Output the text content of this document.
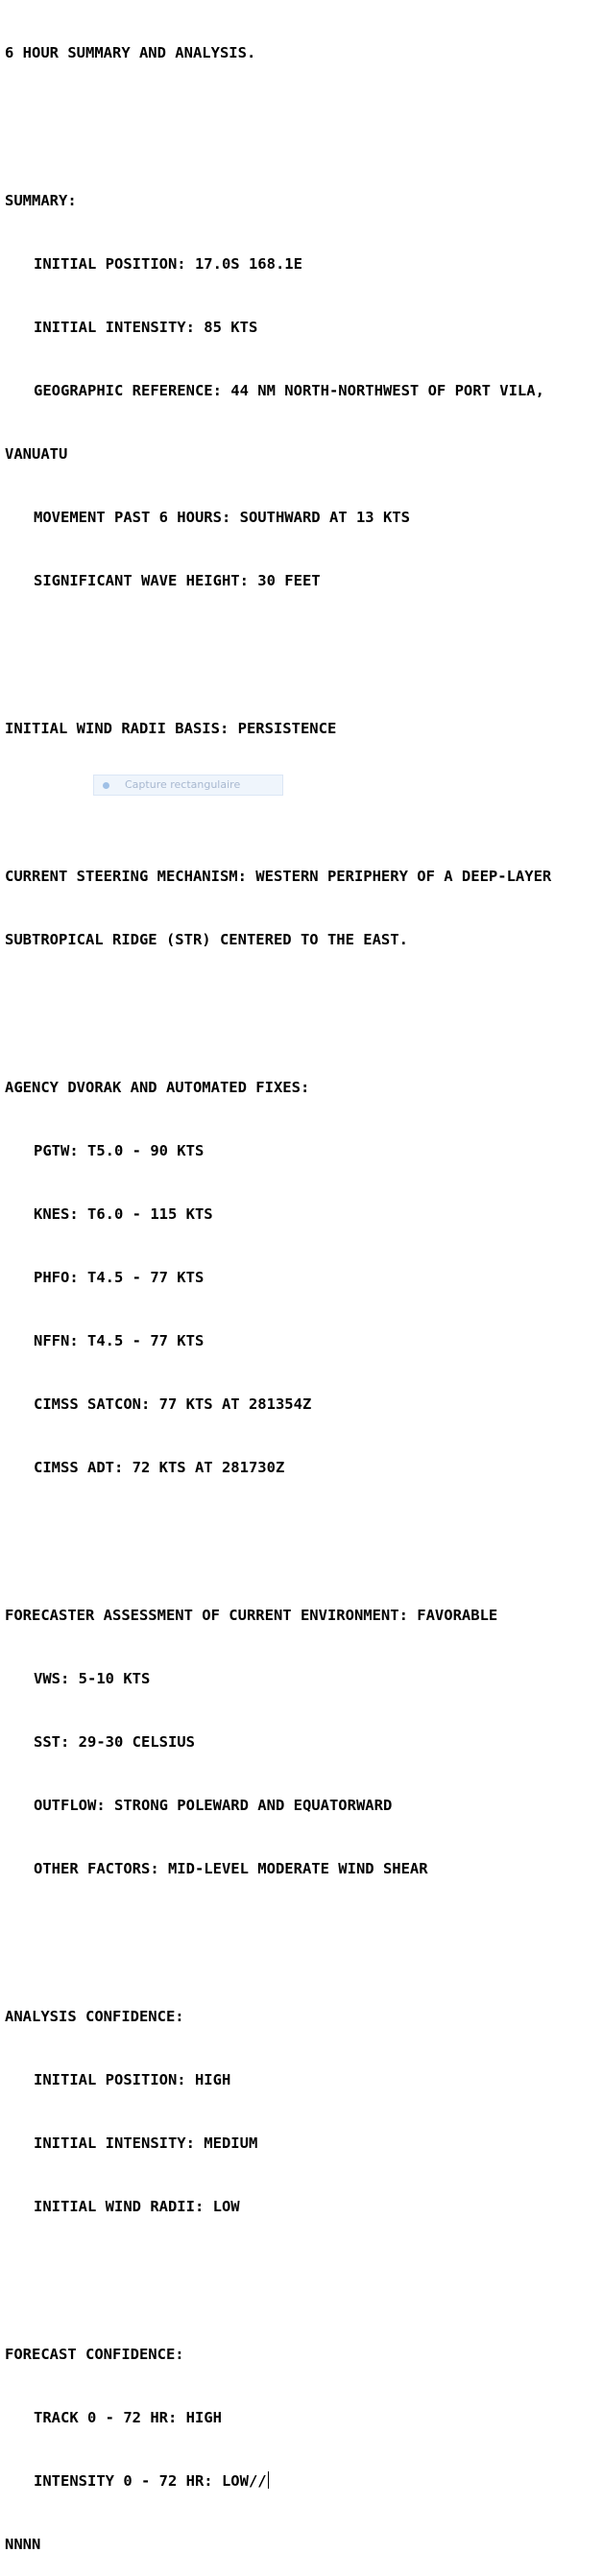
6 HOUR SUMMARY AND ANALYSIS.

SUMMARY:

INITIAL POSITION: 17.0S 168.1E

INITIAL INTENSITY: 85 KTS

GEOGRAPHIC REFERENCE: 44 NM NORTH-NORTHWEST OF PORT VILA,

VANUATU

MOVEMENT PAST 6 HOURS: SOUTHWARD AT 13 KTS

SIGNIFICANT WAVE HEIGHT: 30 FEET

INITIAL WIND RADII BASIS: PERSISTENCE

CURRENT STEERING MECHANISM: WESTERN PERIPHERY OF A DEEP-LAYER

SUBTROPICAL RIDGE (STR) CENTERED TO THE EAST.

AGENCY DVORAK AND AUTOMATED FIXES:

PGTW: T5.0 - 90 KTS

KNES: T6.0 - 115 KTS

PHFO: T4.5 - 77 KTS

NFFN: T4.5 - 77 KTS

CIMSS SATCON: 77 KTS AT 281354Z

CIMSS ADT: 72 KTS AT 281730Z

FORECASTER ASSESSMENT OF CURRENT ENVIRONMENT: FAVORABLE

VWS: 5-10 KTS

SST: 29-30 CELSIUS

OUTFLOW: STRONG POLEWARD AND EQUATORWARD

OTHER FACTORS: MID-LEVEL MODERATE WIND SHEAR

ANALYSIS CONFIDENCE:

INITIAL POSITION: HIGH

INITIAL INTENSITY: MEDIUM

INITIAL WIND RADII: LOW

FORECAST CONFIDENCE:

TRACK 0 - 72 HR: HIGH

INTENSITY 0 - 72 HR: LOW//

NNNN

Capture rectangulaire
